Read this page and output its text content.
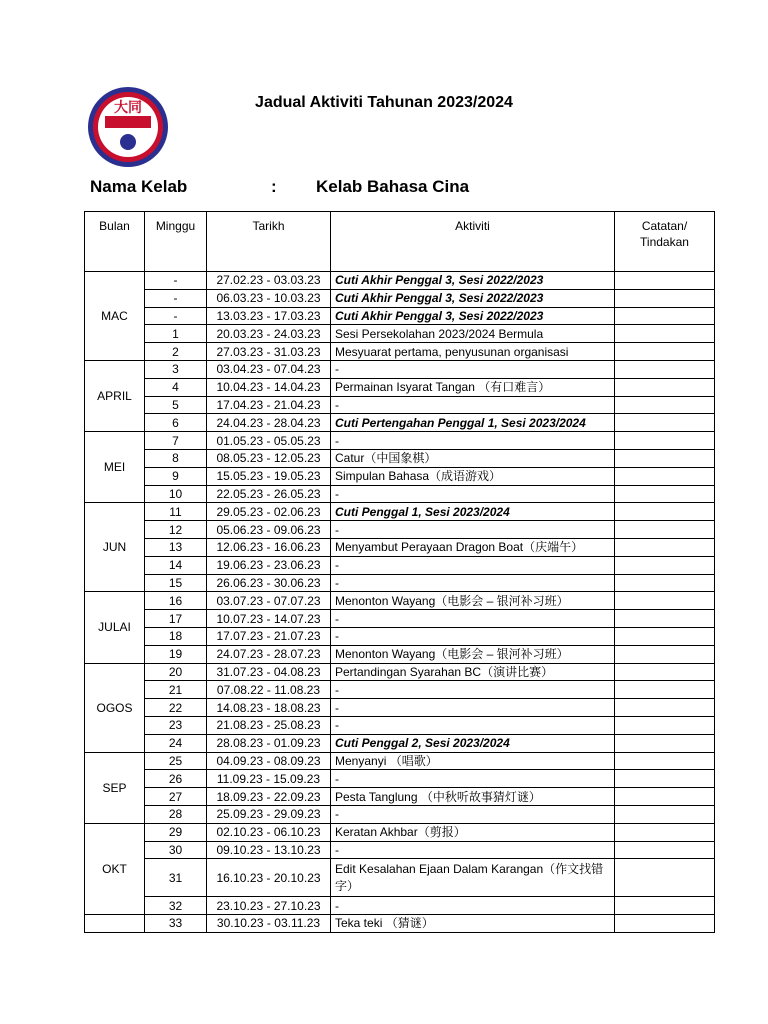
大同	Jadual Aktiviti Tahunan 2023/2024
Nama Kelab	: Kelab Bahasa Cina
Bulan	Minggu	Tarikh	Aktiviti	Catatan/
Tindakan
MAC	-	27.02.23 - 03.03.23	Cuti Akhir Penggal 3, Sesi 2022/2023	
	-	06.03.23 - 10.03.23	Cuti Akhir Penggal 3, Sesi 2022/2023	
	-	13.03.23 - 17.03.23	Cuti Akhir Penggal 3, Sesi 2022/2023	
	1	20.03.23 - 24.03.23	Sesi Persekolahan 2023/2024 Bermula	
	2	27.03.23 - 31.03.23	Mesyuarat pertama, penyusunan organisasi	
APRIL	3	03.04.23 - 07.04.23	-	
	4	10.04.23 - 14.04.23	Permainan Isyarat Tangan （有口难言）	
	5	17.04.23 - 21.04.23	-	
	6	24.04.23 - 28.04.23	Cuti Pertengahan Penggal 1, Sesi 2023/2024	
MEI	7	01.05.23 - 05.05.23	-	
	8	08.05.23 - 12.05.23	Catur（中国象棋）	
	9	15.05.23 - 19.05.23	Simpulan Bahasa（成语游戏）	
	10	22.05.23 - 26.05.23	-	
JUN	11	29.05.23 - 02.06.23	Cuti Penggal 1, Sesi 2023/2024	
	12	05.06.23 - 09.06.23	-	
	13	12.06.23 - 16.06.23	Menyambut Perayaan Dragon Boat（庆端午）	
	14	19.06.23 - 23.06.23	-	
	15	26.06.23 - 30.06.23	-	
JULAI	16	03.07.23 - 07.07.23	Menonton Wayang（电影会 – 银河补习班）	
	17	10.07.23 - 14.07.23	-	
	18	17.07.23 - 21.07.23	-	
	19	24.07.23 - 28.07.23	Menonton Wayang（电影会 – 银河补习班）	
OGOS	20	31.07.23 - 04.08.23	Pertandingan Syarahan BC（演讲比赛）	
	21	07.08.22 - 11.08.23	-	
	22	14.08.23 - 18.08.23	-	
	23	21.08.23 - 25.08.23	-	
	24	28.08.23 - 01.09.23	Cuti Penggal 2, Sesi 2023/2024	
SEP	25	04.09.23 - 08.09.23	Menyanyi （唱歌）	
	26	11.09.23 - 15.09.23	-	
	27	18.09.23 - 22.09.23	Pesta Tanglung （中秋听故事猜灯谜）	
	28	25.09.23 - 29.09.23	-	
OKT	29	02.10.23 - 06.10.23	Keratan Akhbar（剪报）	
	30	09.10.23 - 13.10.23	-	
	31	16.10.23 - 20.10.23	Edit Kesalahan Ejaan Dalam Karangan（作文找错字）	
	32	23.10.23 - 27.10.23	-	
	33	30.10.23 - 03.11.23	Teka teki （猜谜）	
